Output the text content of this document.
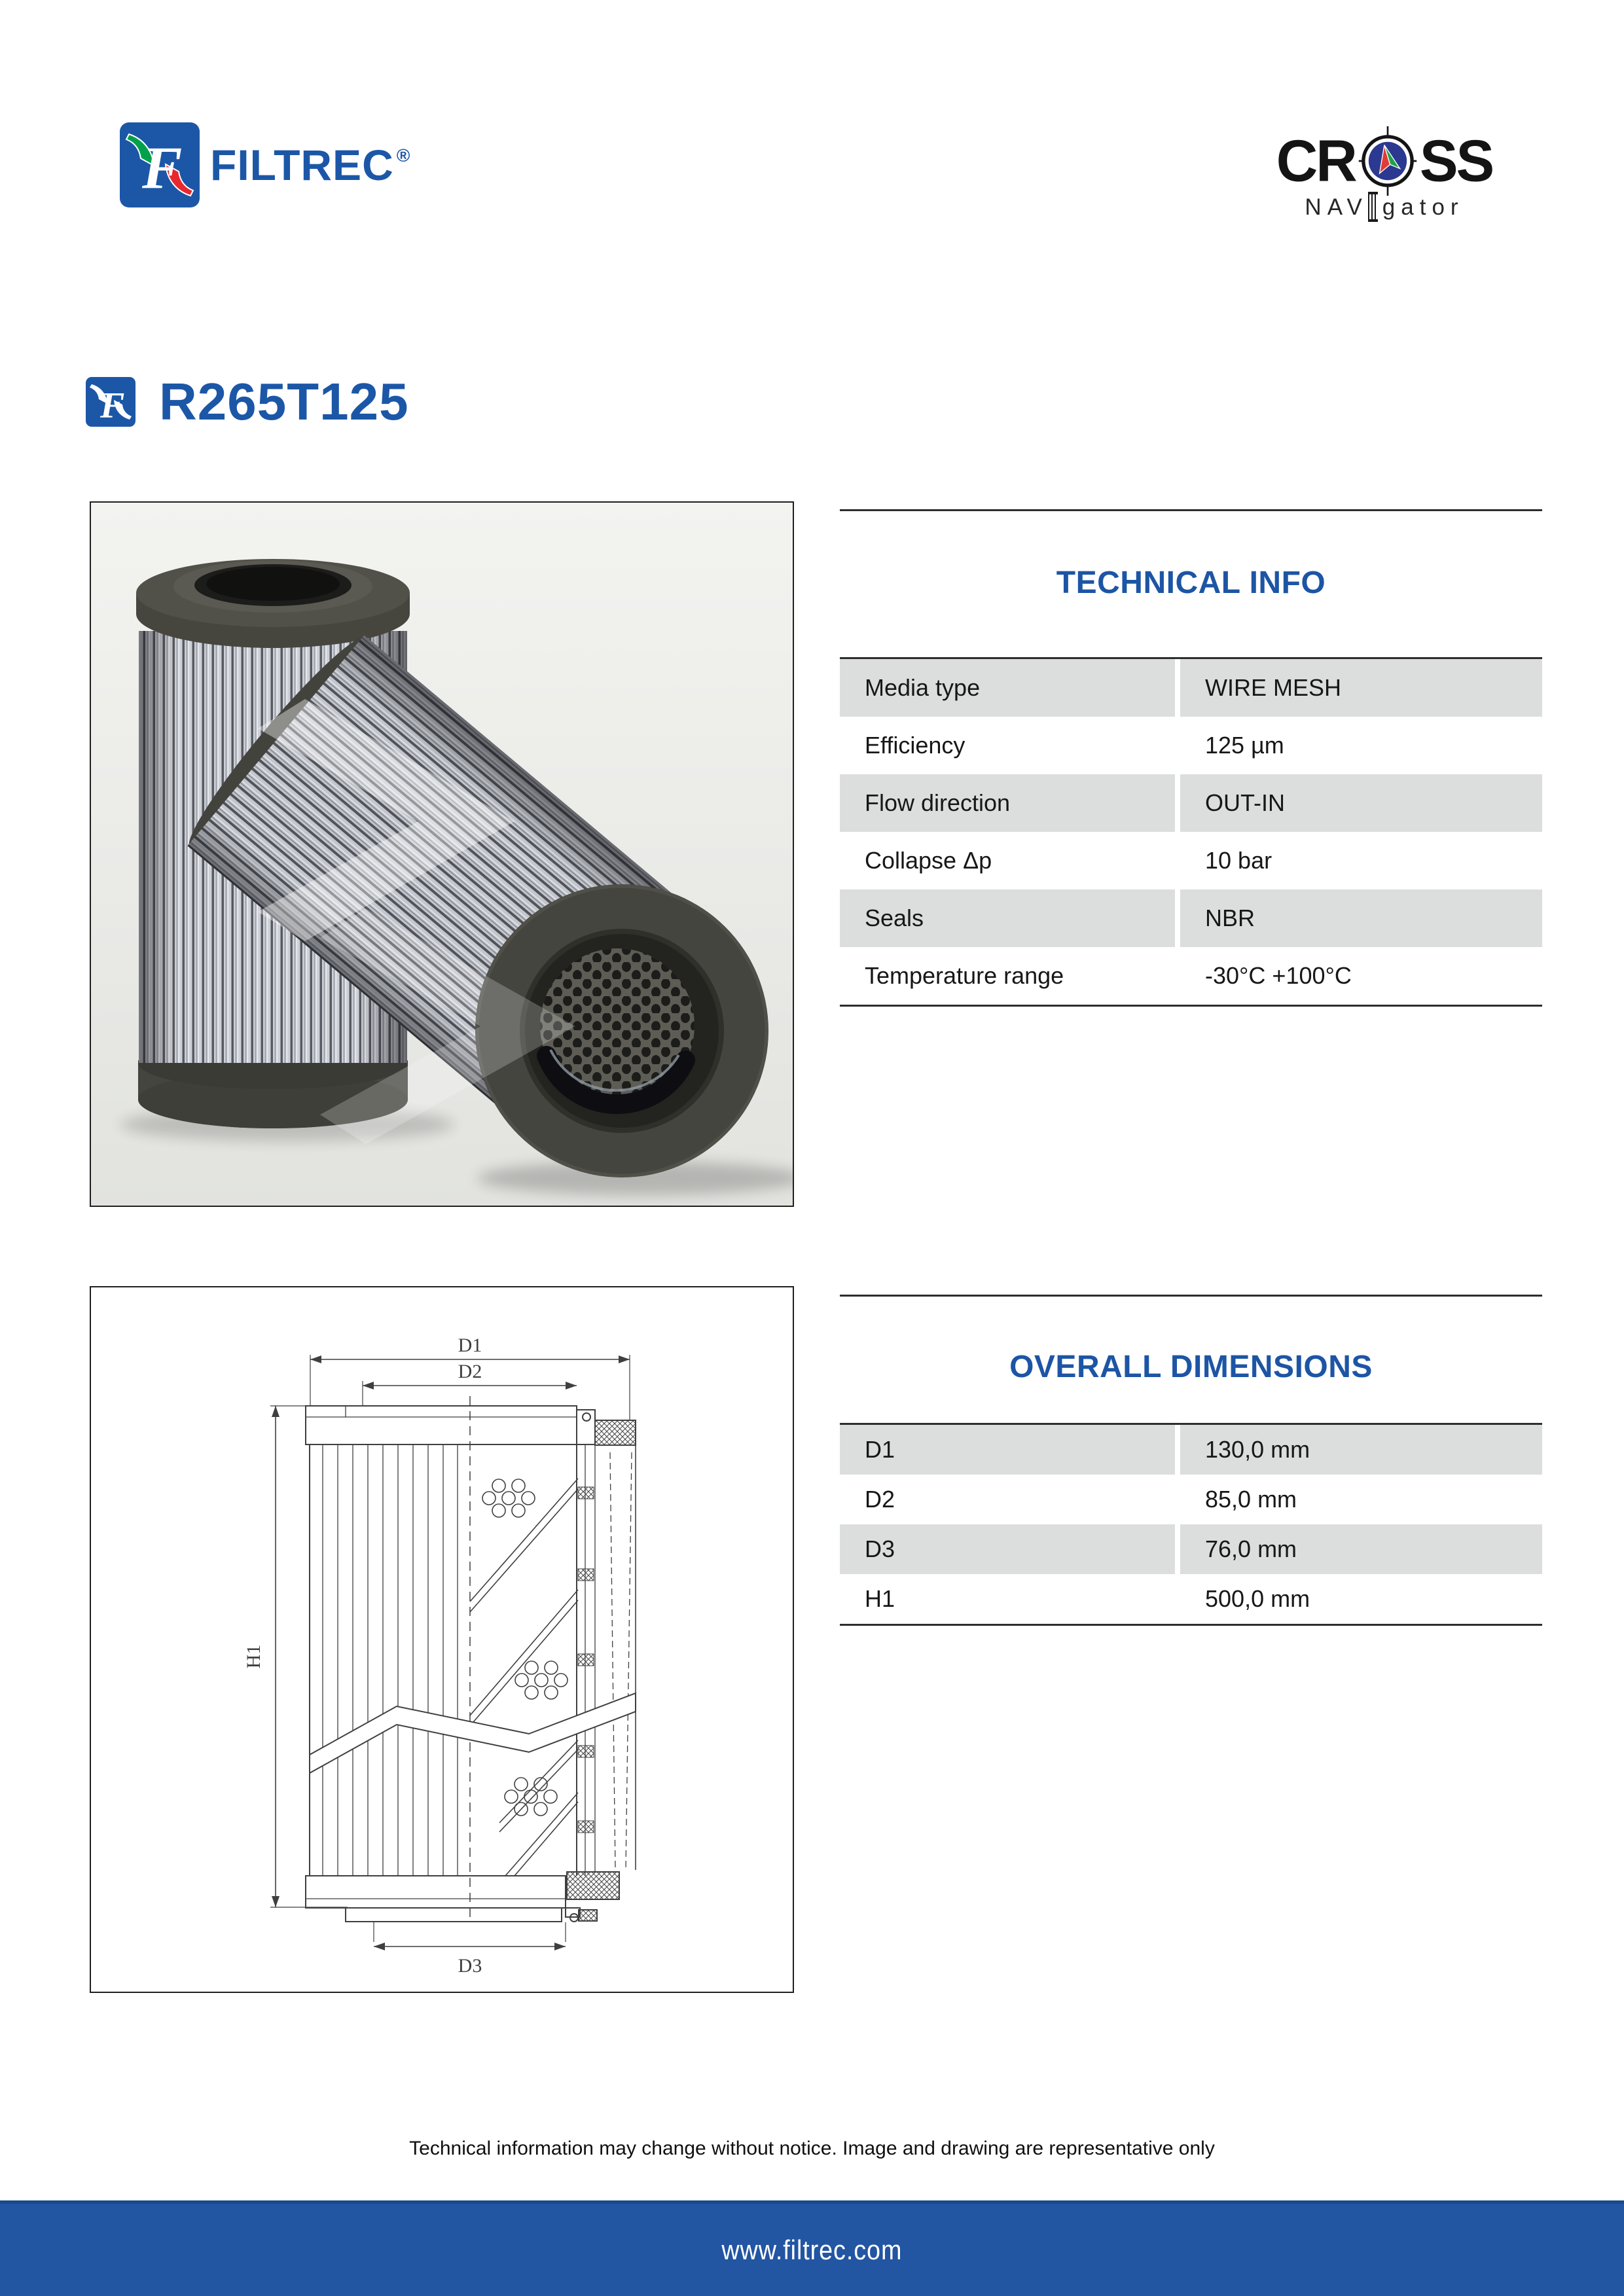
F FILTREC ®	CR SS
NAV gator
F R265T125
D1
D2
H1
D3
TECHNICAL INFO
Media type	WIRE MESH
Efficiency	125 µm
Flow direction	OUT-IN
Collapse Δp	10 bar
Seals	NBR
Temperature range	-30°C +100°C
OVERALL DIMENSIONS
D1	130,0 mm
D2	85,0 mm
D3	76,0 mm
H1	500,0 mm
Technical information may change without notice. Image and drawing are representative only
www.filtrec.com
